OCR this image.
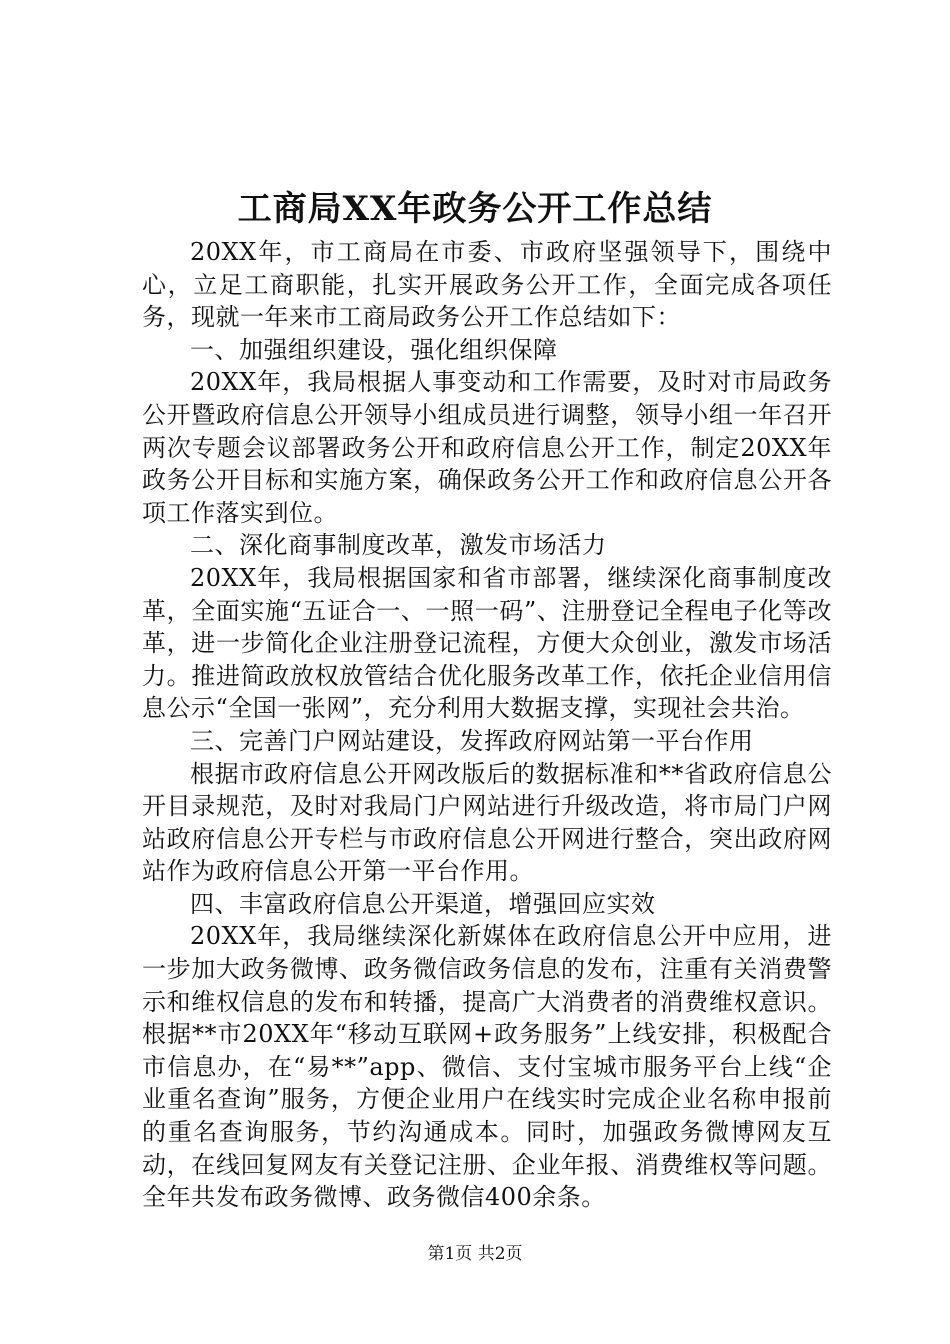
工商局XX年政务公开工作总结

20XX年，市工商局在市委、市政府坚强领导下，围绕中心，立足工商职能，扎实开展政务公开工作，全面完成各项任务，现就一年来市工商局政务公开工作总结如下：

一、加强组织建设，强化组织保障

20XX年，我局根据人事变动和工作需要，及时对市局政务公开暨政府信息公开领导小组成员进行调整，领导小组一年召开两次专题会议部署政务公开和政府信息公开工作，制定20XX年政务公开目标和实施方案，确保政务公开工作和政府信息公开各项工作落实到位。

二、深化商事制度改革，激发市场活力

20XX年，我局根据国家和省市部署，继续深化商事制度改革，全面实施“五证合一、一照一码”、注册登记全程电子化等改革，进一步简化企业注册登记流程，方便大众创业，激发市场活力。推进简政放权放管结合优化服务改革工作，依托企业信用信息公示“全国一张网”，充分利用大数据支撑，实现社会共治。

三、完善门户网站建设，发挥政府网站第一平台作用

根据市政府信息公开网改版后的数据标准和**省政府信息公开目录规范，及时对我局门户网站进行升级改造，将市局门户网站政府信息公开专栏与市政府信息公开网进行整合，突出政府网站作为政府信息公开第一平台作用。

四、丰富政府信息公开渠道，增强回应实效

20XX年，我局继续深化新媒体在政府信息公开中应用，进一步加大政务微博、政务微信政务信息的发布，注重有关消费警示和维权信息的发布和转播，提高广大消费者的消费维权意识。根据**市20XX年“移动互联网+政务服务”上线安排，积极配合市信息办，在“易**”app、微信、支付宝城市服务平台上线“企业重名查询”服务，方便企业用户在线实时完成企业名称申报前的重名查询服务，节约沟通成本。同时，加强政务微博网友互动，在线回复网友有关登记注册、企业年报、消费维权等问题。全年共发布政务微博、政务微信400余条。

第1页 共2页
